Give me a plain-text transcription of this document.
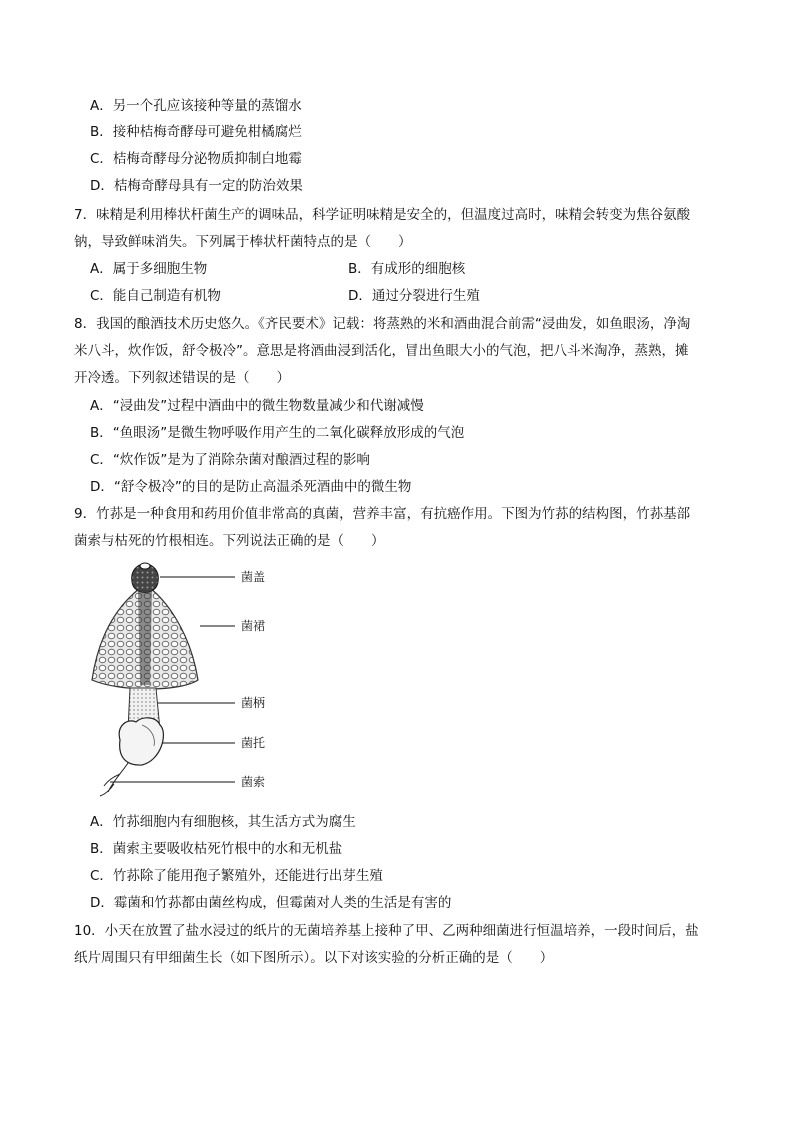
A．另一个孔应该接种等量的蒸馏水
B．接种桔梅奇酵母可避免柑橘腐烂
C．桔梅奇酵母分泌物质抑制白地霉
D．桔梅奇酵母具有一定的防治效果
7．味精是利用棒状杆菌生产的调味品，科学证明味精是安全的，但温度过高时，味精会转变为焦谷氨酸
钠，导致鲜味消失。下列属于棒状杆菌特点的是（　　）
A．属于多细胞生物	B．有成形的细胞核
C．能自己制造有机物	D．通过分裂进行生殖
8．我国的酿酒技术历史悠久。《齐民要术》记载：将蒸熟的米和酒曲混合前需“浸曲发，如鱼眼汤，净淘
米八斗，炊作饭，舒令极冷”。意思是将酒曲浸到活化，冒出鱼眼大小的气泡，把八斗米淘净，蒸熟，摊
开冷透。下列叙述错误的是（　　）
A．“浸曲发”过程中酒曲中的微生物数量减少和代谢减慢
B．“鱼眼汤”是微生物呼吸作用产生的二氧化碳释放形成的气泡
C．“炊作饭”是为了消除杂菌对酿酒过程的影响
D．“舒令极冷”的目的是防止高温杀死酒曲中的微生物
9．竹荪是一种食用和药用价值非常高的真菌，营养丰富，有抗癌作用。下图为竹荪的结构图，竹荪基部
菌索与枯死的竹根相连。下列说法正确的是（　　）
菌盖
菌裙
菌柄
菌托
菌索
A．竹荪细胞内有细胞核，其生活方式为腐生
B．菌索主要吸收枯死竹根中的水和无机盐
C．竹荪除了能用孢子繁殖外，还能进行出芽生殖
D．霉菌和竹荪都由菌丝构成，但霉菌对人类的生活是有害的
10．小天在放置了盐水浸过的纸片的无菌培养基上接种了甲、乙两种细菌进行恒温培养，一段时间后，盐
纸片周围只有甲细菌生长（如下图所示）。以下对该实验的分析正确的是（　　）
